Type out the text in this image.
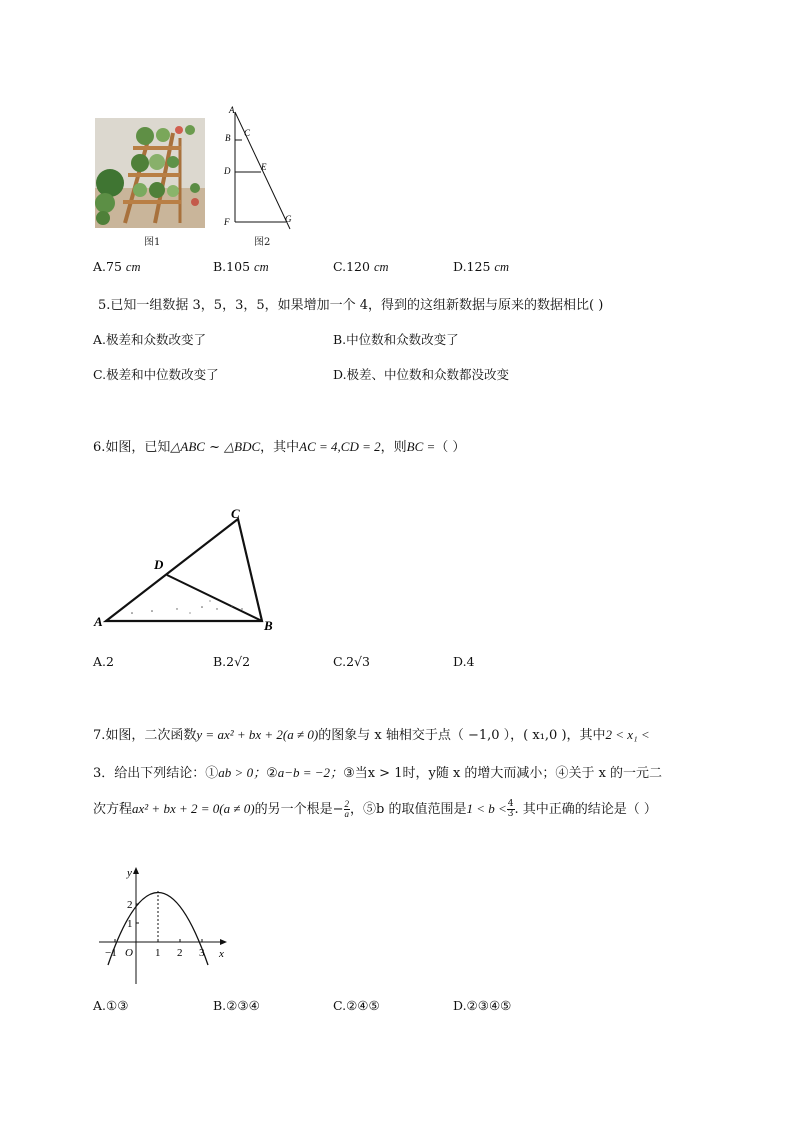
图1
A
B C
D	E
F	G
图2
A.75 cm	B.105 cm	C.120 cm	D.125 cm
5.已知一组数据 3，5，3，5，如果增加一个 4，得到的这组新数据与原来的数据相比( )
A.极差和众数改变了	B.中位数和众数改变了
C.极差和中位数改变了	D.极差、中位数和众数都没改变
6.如图，已知△ABC ~ △BDC，其中AC = 4,CD = 2，则BC =（ ）
A	B
C
D
A.2	B.2√2	C.2√3	D.4
7.如图，二次函数y = ax² + bx + 2(a ≠ 0)的图象与 x 轴相交于点（ −1,0 ），( x₁,0 )，其中2 < x₁ <
3．给出下列结论：①ab > 0；②a−b = −2；③当x > 1时，y随 x 的增大而减小；④关于 x 的一元二
次方程ax² + bx + 2 = 0(a ≠ 0)的另一个根是− $\frac{2}{a}$ ，⑤b 的取值范围是$1 < b < \frac{4}{3}$ . 其中正确的结论是（ ）
y
x
O
2
1
−1	1 2 3
A.①③	B.②③④	C.②④⑤	D.②③④⑤
